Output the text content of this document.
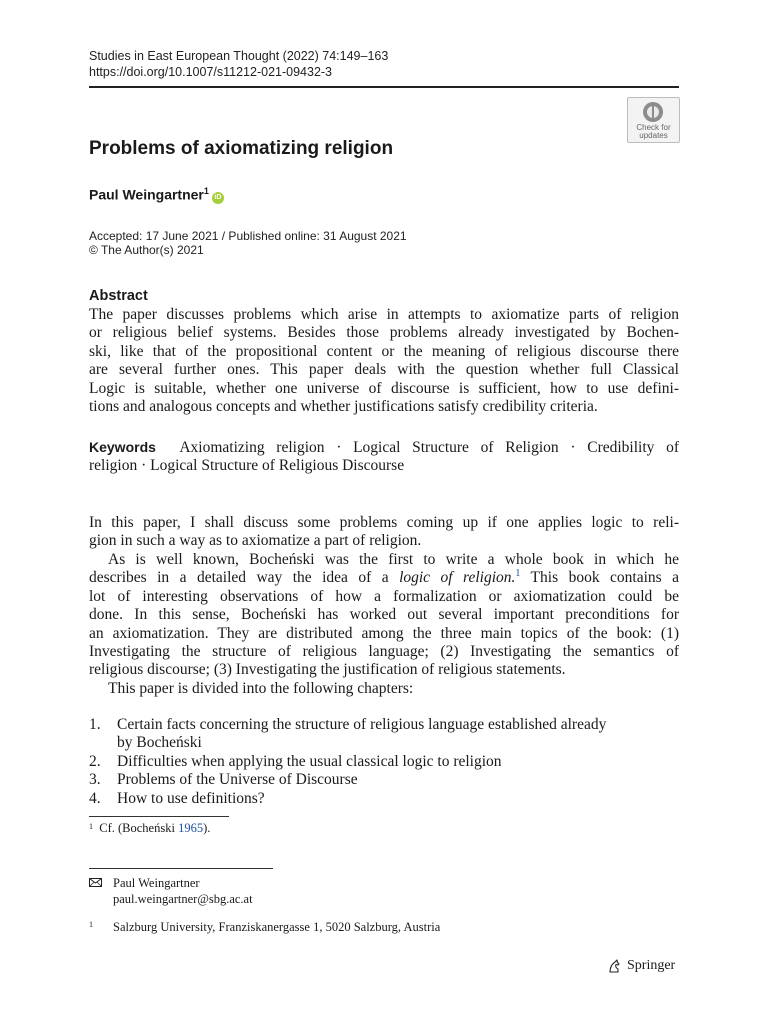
Studies in East European Thought (2022) 74:149–163
https://doi.org/10.1007/s11212-021-09432-3
Check for
updates
Problems of axiomatizing religion
Paul Weingartner$^1$iD
Accepted: 17 June 2021 / Published online: 31 August 2021
© The Author(s) 2021
Abstract
The paper discusses problems which arise in attempts to axiomatize parts of religion
or religious belief systems. Besides those problems already investigated by Bochen-
ski, like that of the propositional content or the meaning of religious discourse there
are several further ones. This paper deals with the question whether full Classical
Logic is suitable, whether one universe of discourse is sufficient, how to use defini-
tions and analogous concepts and whether justifications satisfy credibility criteria.
Keywords Axiomatizing religion · Logical Structure of Religion · Credibility of
religion · Logical Structure of Religious Discourse
In this paper, I shall discuss some problems coming up if one applies logic to reli-
gion in such a way as to axiomatize a part of religion.
As is well known, Bocheński was the first to write a whole book in which he
describes in a detailed way the idea of a logic of religion.$^1$ This book contains a
lot of interesting observations of how a formalization or axiomatization could be
done. In this sense, Bocheński has worked out several important preconditions for
an axiomatization. They are distributed among the three main topics of the book: (1)
Investigating the structure of religious language; (2) Investigating the semantics of
religious discourse; (3) Investigating the justification of religious statements.
This paper is divided into the following chapters:
1. Certain facts concerning the structure of religious language established already
by Bocheński
2. Difficulties when applying the usual classical logic to religion
3. Problems of the Universe of Discourse
4. How to use definitions?
$^1$ Cf. (Bocheński 1965).
Paul Weingartner
paul.weingartner@sbg.ac.at
$^1$ Salzburg University, Franziskanergasse 1, 5020 Salzburg, Austria
Springer
